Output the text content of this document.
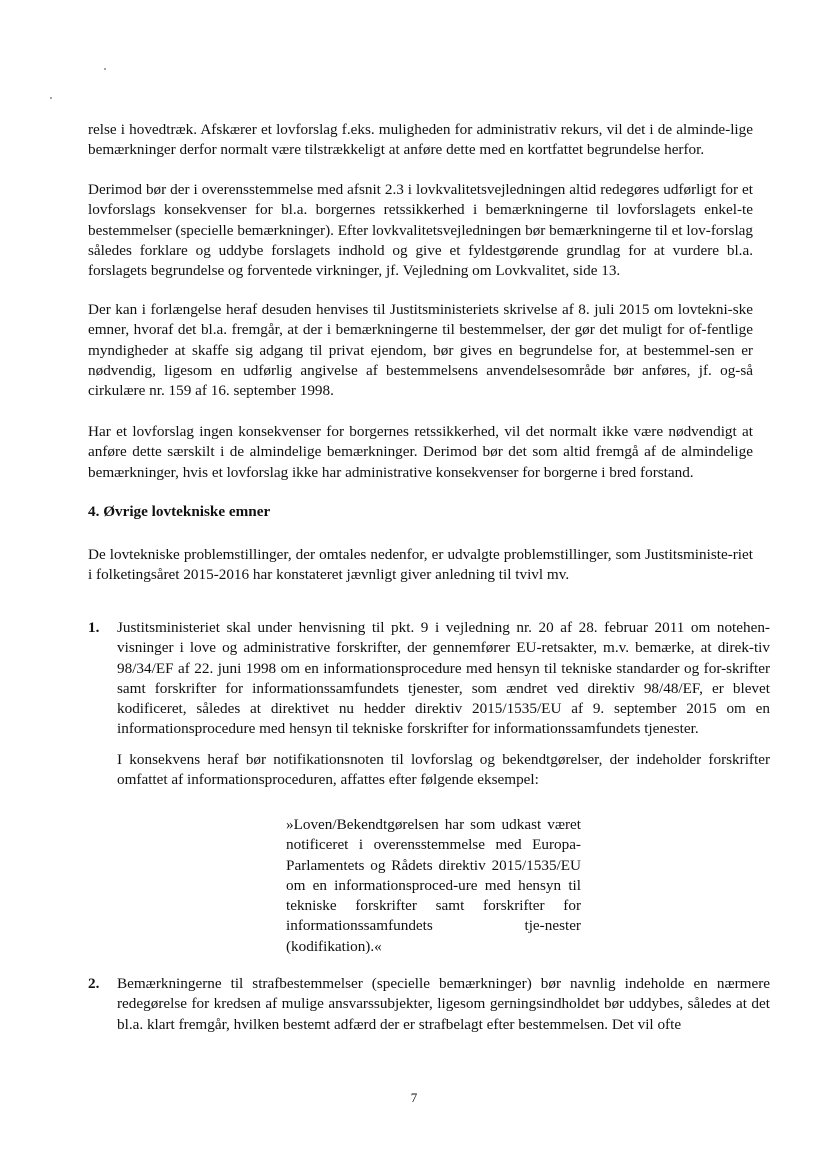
relse i hovedtræk. Afskærer et lovforslag f.eks. muligheden for administrativ rekurs, vil det i de alminde-lige bemærkninger derfor normalt være tilstrækkeligt at anføre dette med en kortfattet begrundelse herfor.

Derimod bør der i overensstemmelse med afsnit 2.3 i lovkvalitetsvejledningen altid redegøres udførligt for et lovforslags konsekvenser for bl.a. borgernes retssikkerhed i bemærkningerne til lovforslagets enkel-te bestemmelser (specielle bemærkninger). Efter lovkvalitetsvejledningen bør bemærkningerne til et lov-forslag således forklare og uddybe forslagets indhold og give et fyldestgørende grundlag for at vurdere bl.a. forslagets begrundelse og forventede virkninger, jf. Vejledning om Lovkvalitet, side 13.

Der kan i forlængelse heraf desuden henvises til Justitsministeriets skrivelse af 8. juli 2015 om lovtekni-ske emner, hvoraf det bl.a. fremgår, at der i bemærkningerne til bestemmelser, der gør det muligt for of-fentlige myndigheder at skaffe sig adgang til privat ejendom, bør gives en begrundelse for, at bestemmel-sen er nødvendig, ligesom en udførlig angivelse af bestemmelsens anvendelsesområde bør anføres, jf. og-så cirkulære nr. 159 af 16. september 1998.

Har et lovforslag ingen konsekvenser for borgernes retssikkerhed, vil det normalt ikke være nødvendigt at anføre dette særskilt i de almindelige bemærkninger. Derimod bør det som altid fremgå af de almindelige bemærkninger, hvis et lovforslag ikke har administrative konsekvenser for borgerne i bred forstand.

4. Øvrige lovtekniske emner

De lovtekniske problemstillinger, der omtales nedenfor, er udvalgte problemstillinger, som Justitsministe-riet i folketingsåret 2015-2016 har konstateret jævnligt giver anledning til tvivl mv.

1. Justitsministeriet skal under henvisning til pkt. 9 i vejledning nr. 20 af 28. februar 2011 om notehen-visninger i love og administrative forskrifter, der gennemfører EU-retsakter, m.v. bemærke, at direk-tiv 98/34/EF af 22. juni 1998 om en informationsprocedure med hensyn til tekniske standarder og for-skrifter samt forskrifter for informationssamfundets tjenester, som ændret ved direktiv 98/48/EF, er blevet kodificeret, således at direktivet nu hedder direktiv 2015/1535/EU af 9. september 2015 om en informationsprocedure med hensyn til tekniske forskrifter for informationssamfundets tjenester.

I konsekvens heraf bør notifikationsnoten til lovforslag og bekendtgørelser, der indeholder forskrifter omfattet af informationsproceduren, affattes efter følgende eksempel:

»Loven/Bekendtgørelsen har som udkast været notificeret i overensstemmelse med Europa-Parlamentets og Rådets direktiv 2015/1535/EU om en informationsproced-ure med hensyn til tekniske forskrifter samt forskrifter for informationssamfundets tje-nester (kodifikation).«

2. Bemærkningerne til strafbestemmelser (specielle bemærkninger) bør navnlig indeholde en nærmere redegørelse for kredsen af mulige ansvarssubjekter, ligesom gerningsindholdet bør uddybes, således at det bl.a. klart fremgår, hvilken bestemt adfærd der er strafbelagt efter bestemmelsen. Det vil ofte

7
